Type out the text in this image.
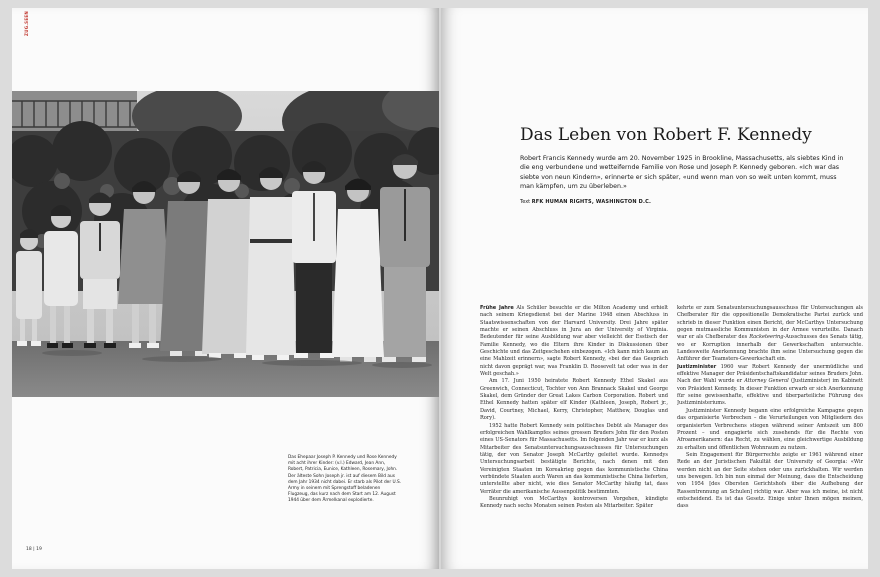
ZUG.SEEN
Das Ehepaar Joseph P. Kennedy und Rose Kennedy mit acht ihrer Kinder: (v.l.) Edward, Jean Ann, Robert, Patricia, Eunice, Kathleen, Rosemary, John. Der älteste Sohn Joseph jr. ist auf diesem Bild aus dem Jahr 1934 nicht dabei. Er starb als Pilot der U.S. Army in seinem mit Sprengstoff beladenen Flugzeug, das kurz nach dem Start am 12. August 1944 über dem Ärmelkanal explodierte.
18 | 19
Das Leben von Robert F. Kennedy
Robert Francis Kennedy wurde am 20. November 1925 in Brookline, Massachusetts, als siebtes Kind in die eng verbundene und wetteifernde Familie von Rose und Joseph P. Kennedy geboren. «Ich war das siebte von neun Kindern», erinnerte er sich später, «und wenn man von so weit unten kommt, muss man kämpfen, um zu überleben.»
Text RFK HUMAN RIGHTS, WASHINGTON D.C.

Frühe Jahre Als Schüler besuchte er die Milton Academy und erhielt nach seinem Kriegsdienst bei der Marine 1948 einen Abschluss in Staatswissenschaften von der Harvard University. Drei Jahre später machte er seinen Abschluss in Jura an der University of Virginia. Bedeutender für seine Ausbildung war aber vielleicht der Esstisch der Familie Kennedy, wo die Eltern ihre Kinder in Diskussionen über Geschichte und das Zeitgeschehen einbezogen. «Ich kann mich kaum an eine Mahlzeit erinnern», sagte Robert Kennedy, «bei der das Gespräch nicht davon geprägt war, was Franklin D. Roosevelt tat oder was in der Welt geschah.»

Am 17. Juni 1950 heiratete Robert Kennedy Ethel Skakel aus Greenwich, Connecticut, Tochter von Ann Brannack Skakel und George Skakel, dem Gründer der Great Lakes Carbon Corporation. Robert und Ethel Kennedy hatten später elf Kinder (Kathleen, Joseph, Robert jr., David, Courtney, Michael, Kerry, Christopher, Matthew, Douglas und Rory).

1952 hatte Robert Kennedy sein politisches Debüt als Manager des erfolgreichen Wahlkampfes seines grossen Bruders John für den Posten eines US-Senators für Massachusetts. Im folgenden Jahr war er kurz als Mitarbeiter des Senatsuntersuchungsausschusses für Untersuchungen tätig, der von Senator Joseph McCarthy geleitet wurde. Kennedys Untersuchungsarbeit bestätigte Berichte, nach denen mit den Vereinigten Staaten im Koreakrieg gegen das kommunistische China verbündete Staaten auch Waren an das kommunistische China lieferten, unterstellte aber nicht, wie dies Senator McCarthy häufig tat, dass Verräter die amerikanische Aussenpolitik bestimmten.

Beunruhigt von McCarthys kontroversen Vorgehen, kündigte Kennedy nach sechs Monaten seinen Posten als Mitarbeiter. Später

kehrte er zum Senatsuntersuchungsausschuss für Untersuchungen als Chefberater für die oppositionelle Demokratische Partei zurück und schrieb in dieser Funktion einen Bericht, der McCarthys Untersuchung gegen mutmassliche Kommunisten in der Armee verurteilte. Danach war er als Chefberater des Racketeering-Ausschusses des Senats tätig, wo er Korruption innerhalb der Gewerkschaften untersuchte. Landesweite Anerkennung brachte ihm seine Untersuchung gegen die Anführer der Teamsters-Gewerkschaft ein.

Justizminister 1960 war Robert Kennedy der unermüdliche und effektive Manager der Präsidentschaftskandidatur seines Bruders John. Nach der Wahl wurde er Attorney General (Justizminister) im Kabinett von Präsident Kennedy. In dieser Funktion erwarb er sich Anerkennung für seine gewissenhafte, effektive und überparteiliche Führung des Justizministeriums.

Justizminister Kennedy begann eine erfolgreiche Kampagne gegen das organisierte Verbrechen – die Verurteilungen von Mitgliedern des organisierten Verbrechens stiegen während seiner Amtszeit um 800 Prozent – und engagierte sich zusehends für die Rechte von Afroamerikanern: das Recht, zu wählen, eine gleichwertige Ausbildung zu erhalten und öffentlichen Wohnraum zu nutzen.

Sein Engagement für Bürgerrechte zeigte er 1961 während einer Rede an der Juristischen Fakultät der University of Georgia: «Wir werden nicht an der Seite stehen oder uns zurückhalten. Wir werden uns bewegen. Ich bin nun einmal der Meinung, dass die Entscheidung von 1954 [des Obersten Gerichtshofs über die Aufhebung der Rassentrennung an Schulen] richtig war. Aber was ich meine, ist nicht entscheidend. Es ist das Gesetz. Einige unter Ihnen mögen meinen, dass
